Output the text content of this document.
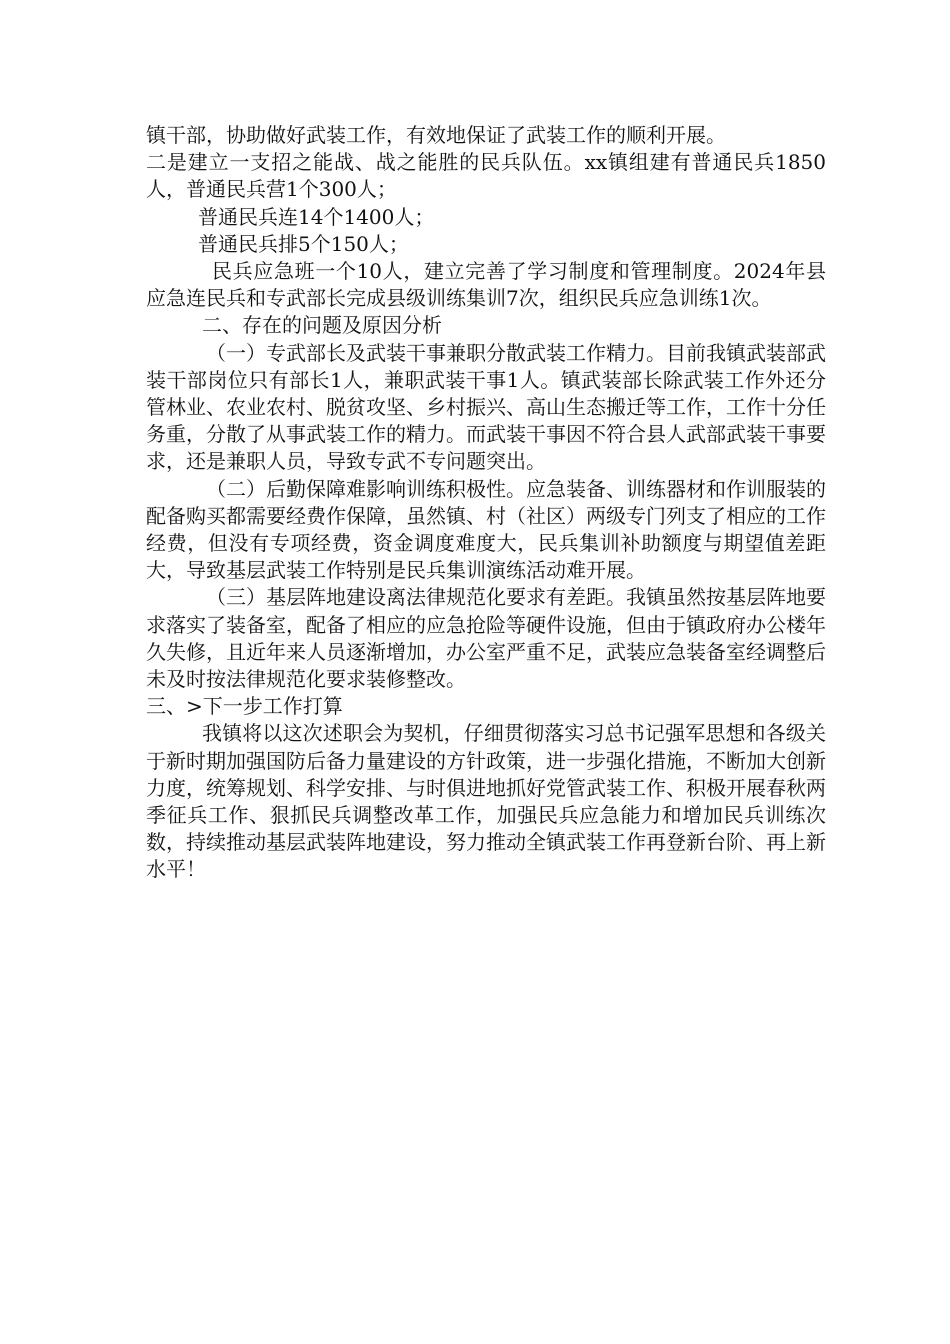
镇干部，协助做好武装工作，有效地保证了武装工作的顺利开展。

二是建立一支招之能战、战之能胜的民兵队伍。xx镇组建有普通民兵1850人，普通民兵营1个300人；

普通民兵连14个1400人；

普通民兵排5个150人；

民兵应急班一个10人，建立完善了学习制度和管理制度。2024年县应急连民兵和专武部长完成县级训练集训7次，组织民兵应急训练1次。

二、存在的问题及原因分析

（一）专武部长及武装干事兼职分散武装工作精力。目前我镇武装部武装干部岗位只有部长1人，兼职武装干事1人。镇武装部长除武装工作外还分管林业、农业农村、脱贫攻坚、乡村振兴、高山生态搬迁等工作，工作十分任务重，分散了从事武装工作的精力。而武装干事因不符合县人武部武装干事要求，还是兼职人员，导致专武不专问题突出。

（二）后勤保障难影响训练积极性。应急装备、训练器材和作训服装的配备购买都需要经费作保障，虽然镇、村（社区）两级专门列支了相应的工作经费，但没有专项经费，资金调度难度大，民兵集训补助额度与期望值差距大，导致基层武装工作特别是民兵集训演练活动难开展。

（三）基层阵地建设离法律规范化要求有差距。我镇虽然按基层阵地要求落实了装备室，配备了相应的应急抢险等硬件设施，但由于镇政府办公楼年久失修，且近年来人员逐渐增加，办公室严重不足，武装应急装备室经调整后未及时按法律规范化要求装修整改。

三、>下一步工作打算

我镇将以这次述职会为契机，仔细贯彻落实习总书记强军思想和各级关于新时期加强国防后备力量建设的方针政策，进一步强化措施，不断加大创新力度，统筹规划、科学安排、与时俱进地抓好党管武装工作、积极开展春秋两季征兵工作、狠抓民兵调整改革工作，加强民兵应急能力和增加民兵训练次数，持续推动基层武装阵地建设，努力推动全镇武装工作再登新台阶、再上新水平！
